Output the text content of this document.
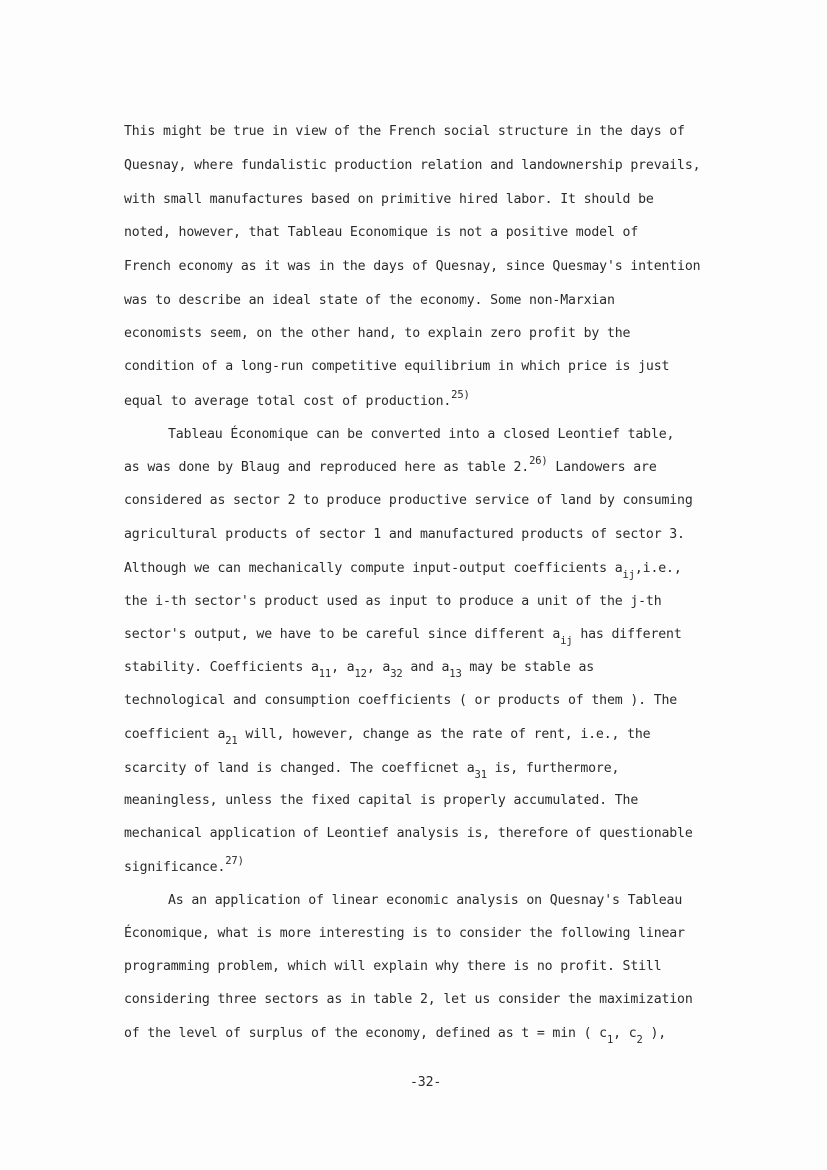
This might be true in view of the French social structure in the days of
Quesnay, where fundalistic production relation and landownership prevails,
with small manufactures based on primitive hired labor. It should be
noted, however, that Tableau Economique is not a positive model of
French economy as it was in the days of Quesnay, since Quesmay's intention
was to describe an ideal state of the economy. Some non-Marxian
economists seem, on the other hand, to explain zero profit by the
condition of a long-run competitive equilibrium in which price is just
equal to average total cost of production.$^{25)}$
Tableau Économique can be converted into a closed Leontief table,
as was done by Blaug and reproduced here as table 2.$^{26)}$ Landowers are
considered as sector 2 to produce productive service of land by consuming
agricultural products of sector 1 and manufactured products of sector 3.
Although we can mechanically compute input-output coefficients $a_{ij},i.e$.,
the i-th sector's product used as input to produce a unit of the j-th
sector's output, we have to be careful since different $a_{ij}$ has different
stability. Coefficients $a_{11}$, $a_{12}$, $a_{32}$ and $a_{13}$ may be stable as
technological and consumption coefficients ( or products of them ). The
coefficient $a_{21}$ will, however, change as the rate of rent, i.e., the
scarcity of land is changed. The coefficnet $a_{31}$ is, furthermore,
meaningless, unless the fixed capital is properly accumulated. The
mechanical application of Leontief analysis is, therefore of questionable
significance.$^{27)}$
As an application of linear economic analysis on Quesnay's Tableau
Économique, what is more interesting is to consider the following linear
programming problem, which will explain why there is no profit. Still
considering three sectors as in table 2, let us consider the maximization
of the level of surplus of the economy, defined as t = min ( $c_1$, $c_2$ ),
-32-
